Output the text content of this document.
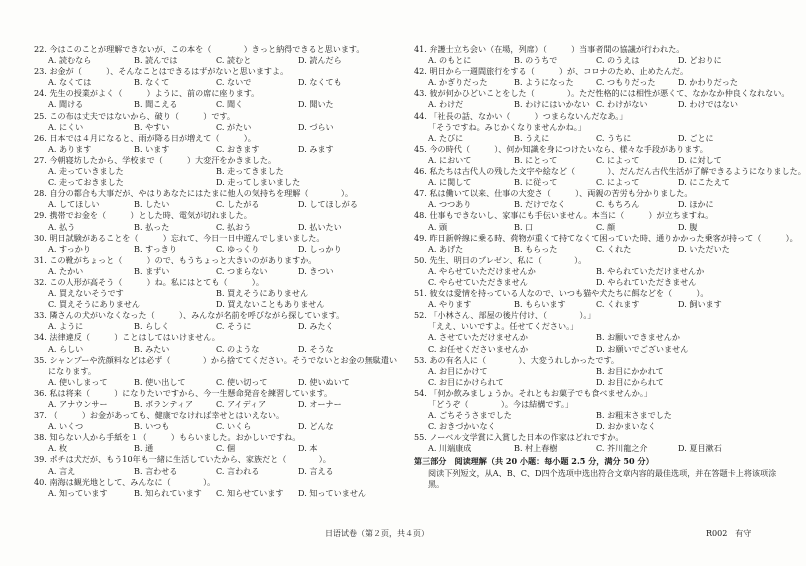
22. 今はこのことが理解できないが、この本を（　　　　）きっと納得できると思います。
A. 読むなら	B. 読んでは	C. 読むと	D. 読んだら
23. お金が（　　　）、そんなことはできるはずがないと思いますよ。
A. なくては	B. なくて	C. ないで	D. なくても
24. 先生の授業がよく（　　　）ように、前の席に座ります。
A. 聞ける	B. 聞こえる	C. 聞く	D. 聞いた
25. この布は丈夫ではないから、破り（　　　）です。
A. にくい	B. やすい	C. がたい	D. づらい
26. 日本では４月になると、雨が降る日が増えて（　　　）。
A. あります	B. います	C. おきます	D. みます
27. 今朝寝坊したから、学校まで（　　　）大変汗をかきました。
A. 走っていきました	B. 走ってきました
C. 走っておきました	D. 走ってしまいました
28. 自分の都合も大事だが、やはりあなたにはたまに他人の気持ちを理解（　　　　）。
A. してほしい	B. したい	C. したがる	D. してほしがる
29. 携帯でお金を（　　　）とした時、電気が切れました。
A. 払う	B. 払った	C. 払おう	D. 払いたい
30. 明日試験があることを（　　　）忘れて、今日一日中遊んでしまいました。
A. すっかり	B. すっきり	C. ゆっくり	D. しっかり
31. この靴がちょっと（　　　）ので、もうちょっと大きいのがありますか。
A. たかい	B. まずい	C. つまらない	D. きつい
32. この人形が高そう（　　　）ね。私にはとても（　　　）。
A. 買えないそうです	B. 買えそうにありません
C. 買えそうにありません	D. 買えないこともありません
33. 隣さんの犬がいなくなった（　　　）、みんなが名前を呼びながら探しています。
A. ように	B. らしく	C. そうに	D. みたく
34. 法律違反（　　　）ことはしてはいけません。
A. らしい	B. みたい	C. のような	D. そうな
35. シャンプーや洗顔料などは必ず（　　　　）から捨ててください。そうでないとお金の無駄遣い
になります。
A. 使いしまって	B. 使い出して	C. 使い切って	D. 使いぬいて
36. 私は将来（　　　）になりたいですから、今一生懸命発音を練習しています。
A. アナウンサー	B. ボランティア	C. アイディア	D. オーナー
37. （　　　）お金があっても、健康でなければ幸せとはいえない。
A. いくつ	B. いつも	C. いくら	D. どんな
38. 知らない人から手紙を１（　　　）もらいました。おかしいですね。
A. 枚	B. 通	C. 個	D. 本
39. ポチは犬だが、もう10年も一緒に生活していたから、家族だと（　　　　）。
A. 言え	B. 言わせる	C. 言われる	D. 言える
40. 南海は観光地として、みんなに（　　　　）。
A. 知っています	B. 知られています C. 知らせています D. 知っていません
41. 弁護士立ち会い（在場，列席）（　　　）当事者間の協議が行われた。
A. のもとに	B. のうちで	C. のうえは	D. どおりに
42. 明日から一週間旅行をする（　　　）が、コロナのため、止めたんだ。
A. かぎりだった	B. ようになった	C. つもりだった	D. かわりだった
43. 彼が何かひどいことをした（　　　　）。ただ性格的には相性が悪くて、なかなか仲良くなれない。
A. わけだ	B. わけにはいかない C. わけがない	D. わけではない
44. 「社長の話、なかい（　　　）つまらないんだなあ。」
「そうですね。みじかくなりませんかね。」
A. たびに	B. うえに	C. うちに	D. ごとに
45. 今の時代（　　　）、何か知識を身につけたいなら、様々な手段があります。
A. において	B. にとって	C. によって	D. に対して
46. 私たちは古代人の残した文字や絵など（　　　　）、だんだん古代生活が了解できるようになりました。
A. に関して	B. に従って	C. によって	D. にこたえて
47. 私は働いて以来、仕事の大変さ（　　　）、両親の苦労も分かりました。
A. つつあり	B. だけでなく	C. もちろん	D. ほかに
48. 仕事もできないし、家事にも手伝いません。本当に（　　　）が立ちますね。
A. 頭	B. 口	C. 顔	D. 腹
49. 昨日新幹線に乗る時、荷物が重くて持てなくて困っていた時、通りかかった乗客が持って（　　　）。
A. あげた	B. もらった	C. くれた	D. いただいた
50. 先生、明日のプレゼン、私に（　　　　）。
A. やらせていただけませんか	B. やられていただけませんか
C. やらせていただきません	D. やられていただきません
51. 彼女は愛情を持っている人なので、いつも猫や犬たちに餌などを（　　　）。
A. やります	B. もらいます	C. くれます	D. 飼います
52. 「小林さん、部屋の後片付け、（　　　　）。」
「ええ、いいですよ。任せてください。」
A. させていただけませんか	B. お願いできませんか
C. お任せくださいませんか	D. お願いでございません
53. あの有名人に（　　　　）、大変うれしかったです。
A. お目にかけて	B. お目にかかれて
C. お目にかけられて	D. お目にかられて
54. 「何か飲みましょうか。それともお菓子でも食べませんか。」
「どうぞ（　　　　）。今は結構です。」
A. ごちそうさまでした	B. お粗末さまでした
C. おきづかいなく	D. おかまいなく
55. ノーベル文学賞に入賞した日本の作家はどれですか。
A. 川端康成	B. 村上春樹	C. 芥川龍之介	D. 夏目漱石
第三部分　阅读理解（共 20 小题：每小题 2.5 分，满分 50 分）
阅读下列短文，从A、B、C、D四个选项中选出符合文章内容的最佳选项，并在答题卡上将该项涂黑。
日语试卷（第２页，共４页）	R002　有守
